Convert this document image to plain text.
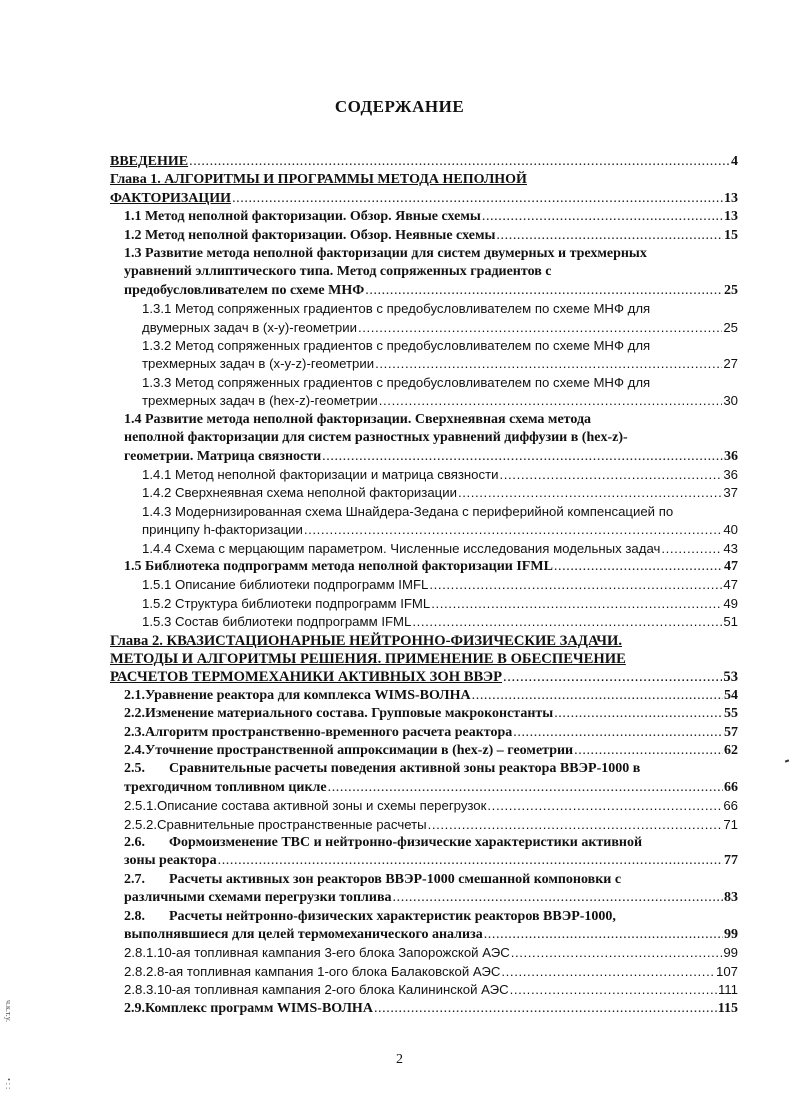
СОДЕРЖАНИЕ
ВВЕДЕНИЕ .....	4
Глава 1. АЛГОРИТМЫ И ПРОГРАММЫ МЕТОДА НЕПОЛНОЙ
ФАКТОРИЗАЦИИ .....	13
1.1 Метод неполной факторизации. Обзор. Явные схемы .....	13
1.2 Метод неполной факторизации. Обзор. Неявные схемы .....	15
1.3 Развитие метода неполной факторизации для систем двумерных и трехмерных
уравнений эллиптического типа. Метод сопряженных градиентов с
предобусловливателем по схеме МНФ .....	25
1.3.1 Метод сопряженных градиентов с предобусловливателем по схеме МНФ для
двумерных задач в (x-y)-геометрии .....	25
1.3.2 Метод сопряженных градиентов с предобусловливателем по схеме МНФ для
трехмерных задач в (x-y-z)-геометрии .....	27
1.3.3 Метод сопряженных градиентов с предобусловливателем по схеме МНФ для
трехмерных задач в (hex-z)-геометрии .....	30
1.4 Развитие метода неполной факторизации. Сверхнеявная схема метода
неполной факторизации для систем разностных уравнений диффузии в (hex-z)-
геометрии. Матрица связности .....	36
1.4.1 Метод неполной факторизации и матрица связности .....	36
1.4.2 Сверхнеявная схема неполной факторизации .....	37
1.4.3 Модернизированная схема Шнайдера-Зедана с периферийной компенсацией по
принципу h-факторизации .....	40
1.4.4 Схема с мерцающим параметром. Численные исследования модельных задач .....	43
1.5 Библиотека подпрограмм метода неполной факторизации IFML .....	47
1.5.1 Описание библиотеки подпрограмм IMFL .....	47
1.5.2 Структура библиотеки подпрограмм IFML .....	49
1.5.3 Состав библиотеки подпрограмм IFML .....	51
Глава 2. КВАЗИСТАЦИОНАРНЫЕ НЕЙТРОННО-ФИЗИЧЕСКИЕ ЗАДАЧИ.
МЕТОДЫ И АЛГОРИТМЫ РЕШЕНИЯ. ПРИМЕНЕНИЕ В ОБЕСПЕЧЕНИЕ
РАСЧЕТОВ ТЕРМОМЕХАНИКИ АКТИВНЫХ ЗОН ВВЭР .....	53
2.1. Уравнение реактора для комплекса WIMS-ВОЛНА .....	54
2.2. Изменение материального состава. Групповые макроконстанты .....	55
2.3. Алгоритм пространственно-временного расчета реактора .....	57
2.4. Уточнение пространственной аппроксимации в (hex-z) – геометрии .....	62
2.5. Сравнительные расчеты поведения активной зоны реактора ВВЭР-1000 в
трехгодичном топливном цикле .....	66
2.5.1. Описание состава активной зоны и схемы перегрузок .....	66
2.5.2. Сравнительные пространственные расчеты .....	71
2.6. Формоизменение ТВС и нейтронно-физические характеристики активной
зоны реактора .....	77
2.7. Расчеты активных зон реакторов ВВЭР-1000 смешанной компоновки с
различными схемами перегрузки топлива .....	83
2.8. Расчеты нейтронно-физических характеристик реакторов ВВЭР-1000,
выполнявшиеся для целей термомеханического анализа .....	99
2.8.1. 10-ая топливная кампания 3-его блока Запорожской АЭС .....	99
2.8.2. 8-ая топливная кампания 1-ого блока Балаковской АЭС .....	107
2.8.3. 10-ая топливная кампания 2-ого блока Калининской АЭС .....	111
2.9. Комплекс программ WIMS-ВОЛНА .....	115
2
ч.к.т.у.
• : :
